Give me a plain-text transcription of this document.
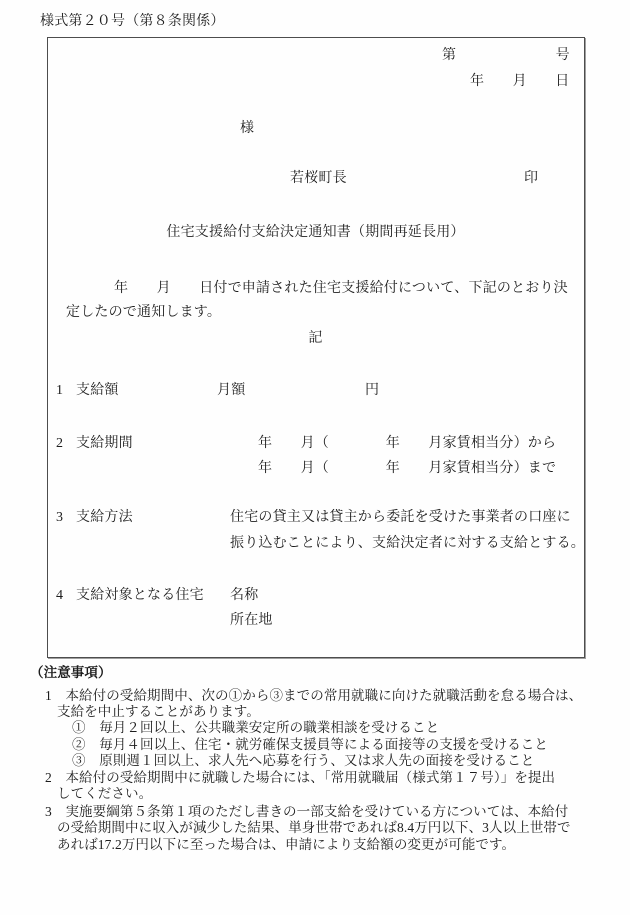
様式第２０号（第８条関係）
第　　　　　　　号
年　　月　　日
様
若桜町長	印
住宅支援給付支給決定通知書（期間再延長用）
年　　月　　日付で申請された住宅支援給付について、下記のとおり決
定したので通知します。
記
1 支給額	月額	円
2 支給期間	年　　月（　　　　年　　月家賃相当分）から
年　　月（　　　　年　　月家賃相当分）まで
3 支給方法	住宅の貸主又は貸主から委託を受けた事業者の口座に
振り込むことにより、支給決定者に対する支給とする。
4 支給対象となる住宅 名称
所在地
（注意事項）
1　本給付の受給期間中、次の①から③までの常用就職に向けた就職活動を怠る場合は、
支給を中止することがあります。
①　毎月２回以上、公共職業安定所の職業相談を受けること
②　毎月４回以上、住宅・就労確保支援員等による面接等の支援を受けること
③　原則週１回以上、求人先へ応募を行う、又は求人先の面接を受けること
2　本給付の受給期間中に就職した場合には、「常用就職届（様式第１７号）」を提出
してください。
3　実施要綱第５条第１項のただし書きの一部支給を受けている方については、本給付
の受給期間中に収入が減少した結果、単身世帯であれば8.4万円以下、3人以上世帯で
あれば17.2万円以下に至った場合は、申請により支給額の変更が可能です。
